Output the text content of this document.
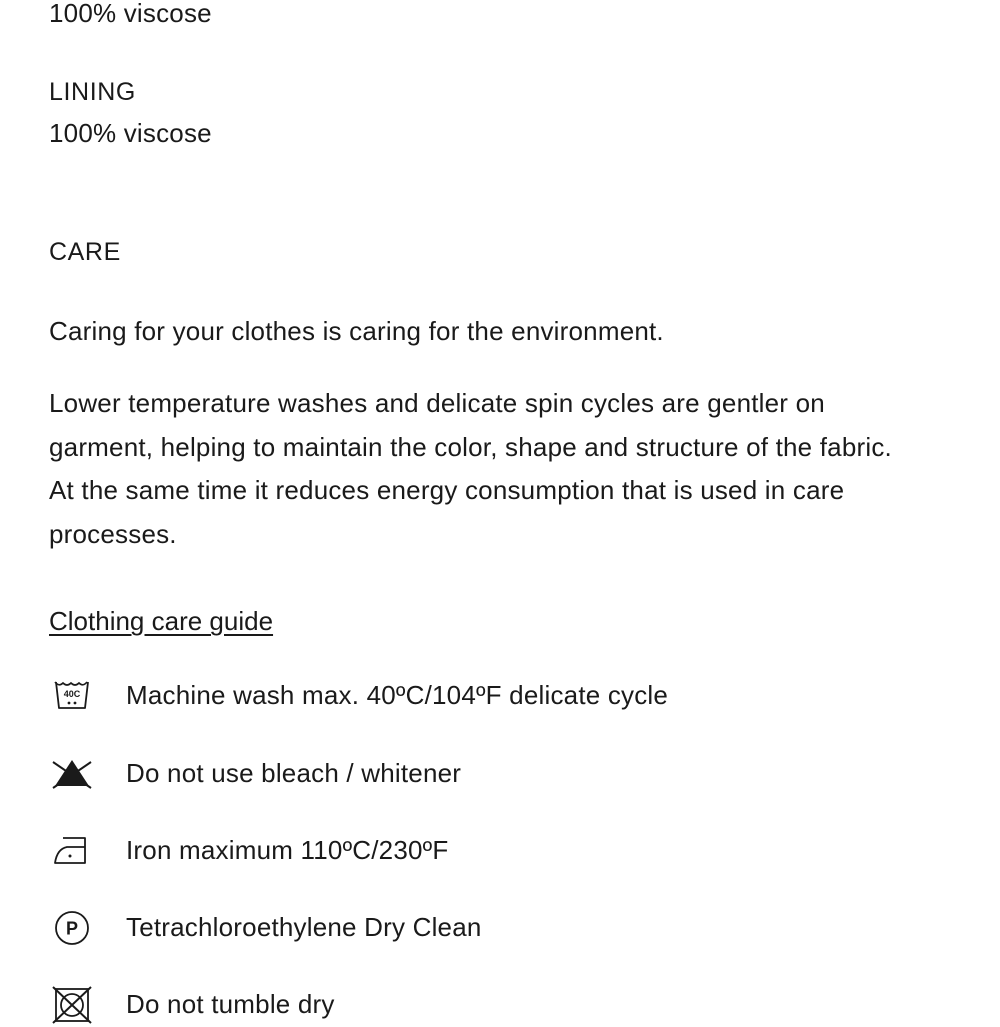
100% viscose
LINING
100% viscose
CARE
Caring for your clothes is caring for the environment.
Lower temperature washes and delicate spin cycles are gentler on
garment, helping to maintain the color, shape and structure of the fabric.
At the same time it reduces energy consumption that is used in care
processes.
Clothing care guide
40C Machine wash max. 40ºC/104ºF delicate cycle
Do not use bleach / whitener
Iron maximum 110ºC/230ºF
P Tetrachloroethylene Dry Clean
Do not tumble dry
